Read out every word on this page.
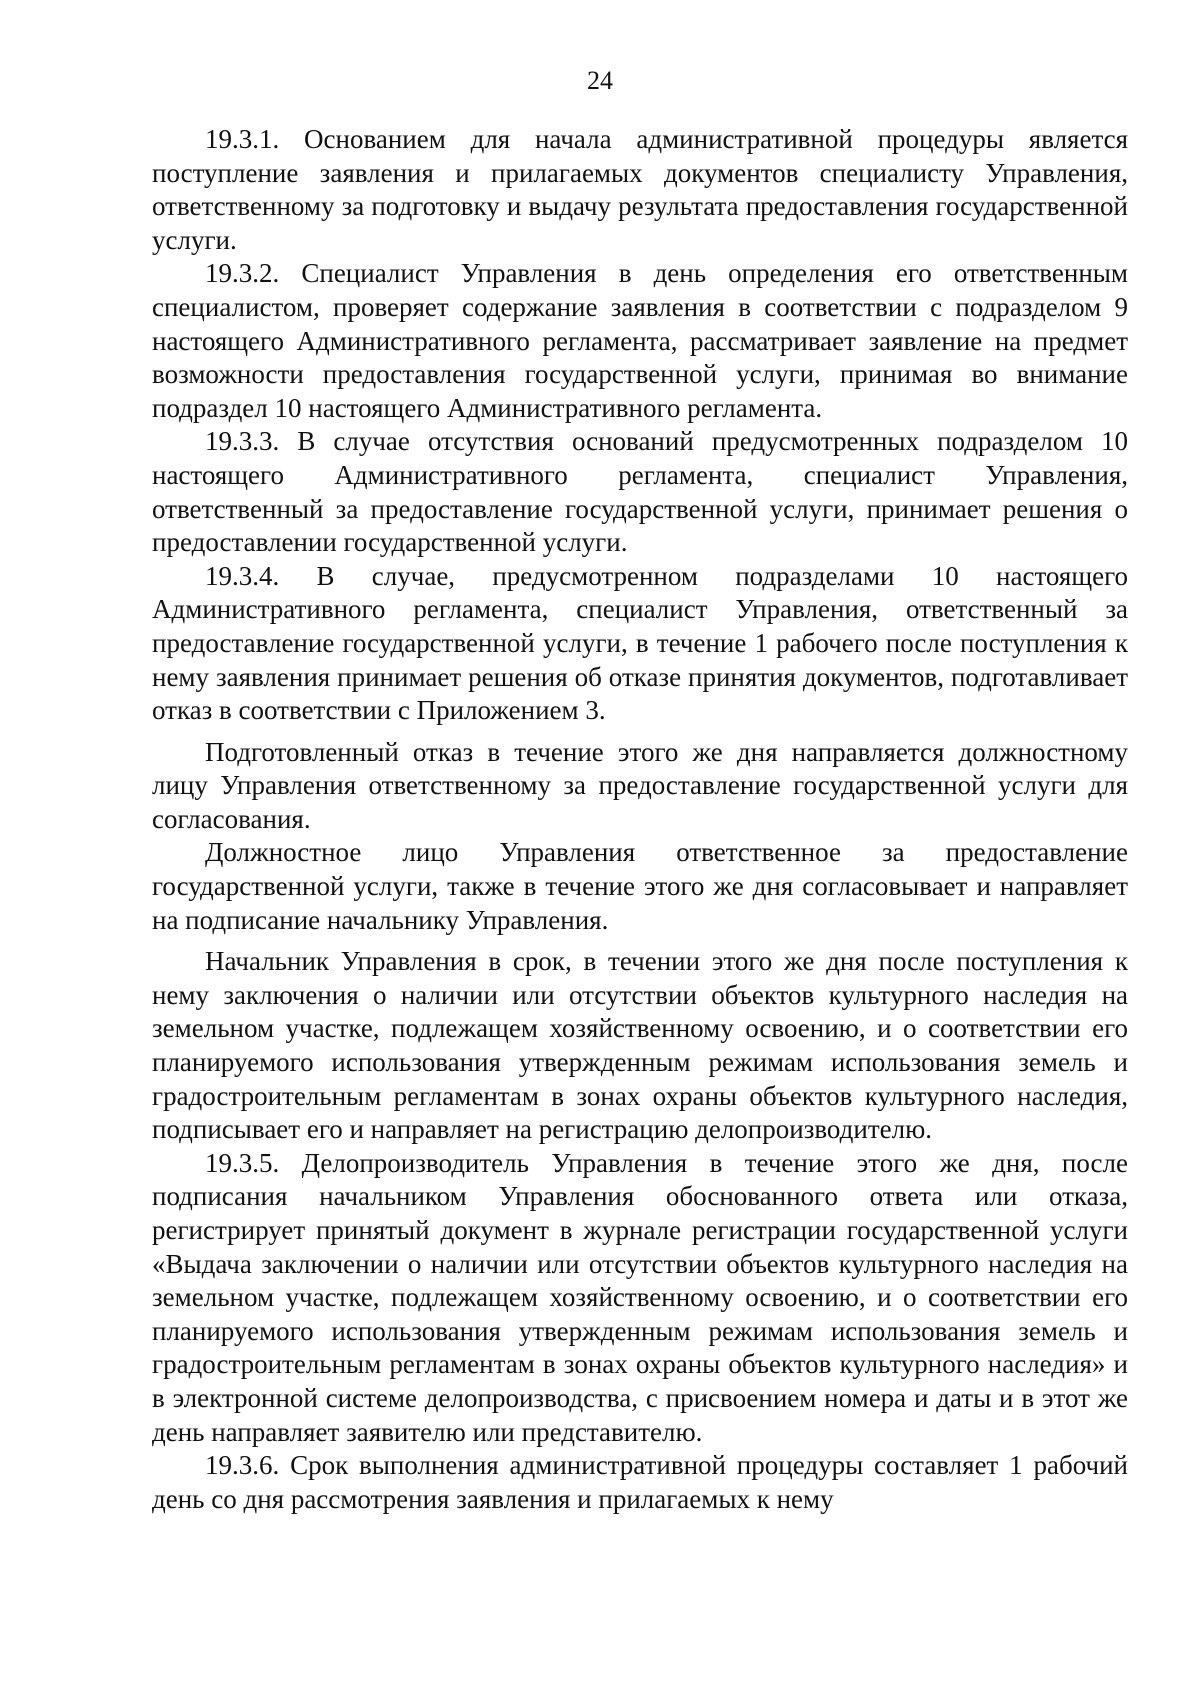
24

19.3.1. Основанием для начала административной процедуры является поступление заявления и прилагаемых документов специалисту Управления, ответственному за подготовку и выдачу результата предоставления государственной услуги.

19.3.2. Специалист Управления в день определения его ответственным специалистом, проверяет содержание заявления в соответствии с подразделом 9 настоящего Административного регламента, рассматривает заявление на предмет возможности предоставления государственной услуги, принимая во внимание подраздел 10 настоящего Административного регламента.

19.3.3. В случае отсутствия оснований предусмотренных подразделом 10 настоящего Административного регламента, специалист Управления, ответственный за предоставление государственной услуги, принимает решения о предоставлении государственной услуги.

19.3.4. В случае, предусмотренном подразделами 10 настоящего Административного регламента, специалист Управления, ответственный за предоставление государственной услуги, в течение 1 рабочего после поступления к нему заявления принимает решения об отказе принятия документов, подготавливает отказ в соответствии с Приложением 3.

Подготовленный отказ в течение этого же дня направляется должностному лицу Управления ответственному за предоставление государственной услуги для согласования.

Должностное лицо Управления ответственное за предоставление государственной услуги, также в течение этого же дня согласовывает и направляет на подписание начальнику Управления.

Начальник Управления в срок, в течении этого же дня после поступления к нему заключения о наличии или отсутствии объектов культурного наследия на земельном участке, подлежащем хозяйственному освоению, и о соответствии его планируемого использования утвержденным режимам использования земель и градостроительным регламентам в зонах охраны объектов культурного наследия, подписывает его и направляет на регистрацию делопроизводителю.

19.3.5. Делопроизводитель Управления в течение этого же дня, после подписания начальником Управления обоснованного ответа или отказа, регистрирует принятый документ в журнале регистрации государственной услуги «Выдача заключении о наличии или отсутствии объектов культурного наследия на земельном участке, подлежащем хозяйственному освоению, и о соответствии его планируемого использования утвержденным режимам использования земель и градостроительным регламентам в зонах охраны объектов культурного наследия» и в электронной системе делопроизводства, с присвоением номера и даты и в этот же день направляет заявителю или представителю.

19.3.6. Срок выполнения административной процедуры составляет 1 рабочий день со дня рассмотрения заявления и прилагаемых к нему
